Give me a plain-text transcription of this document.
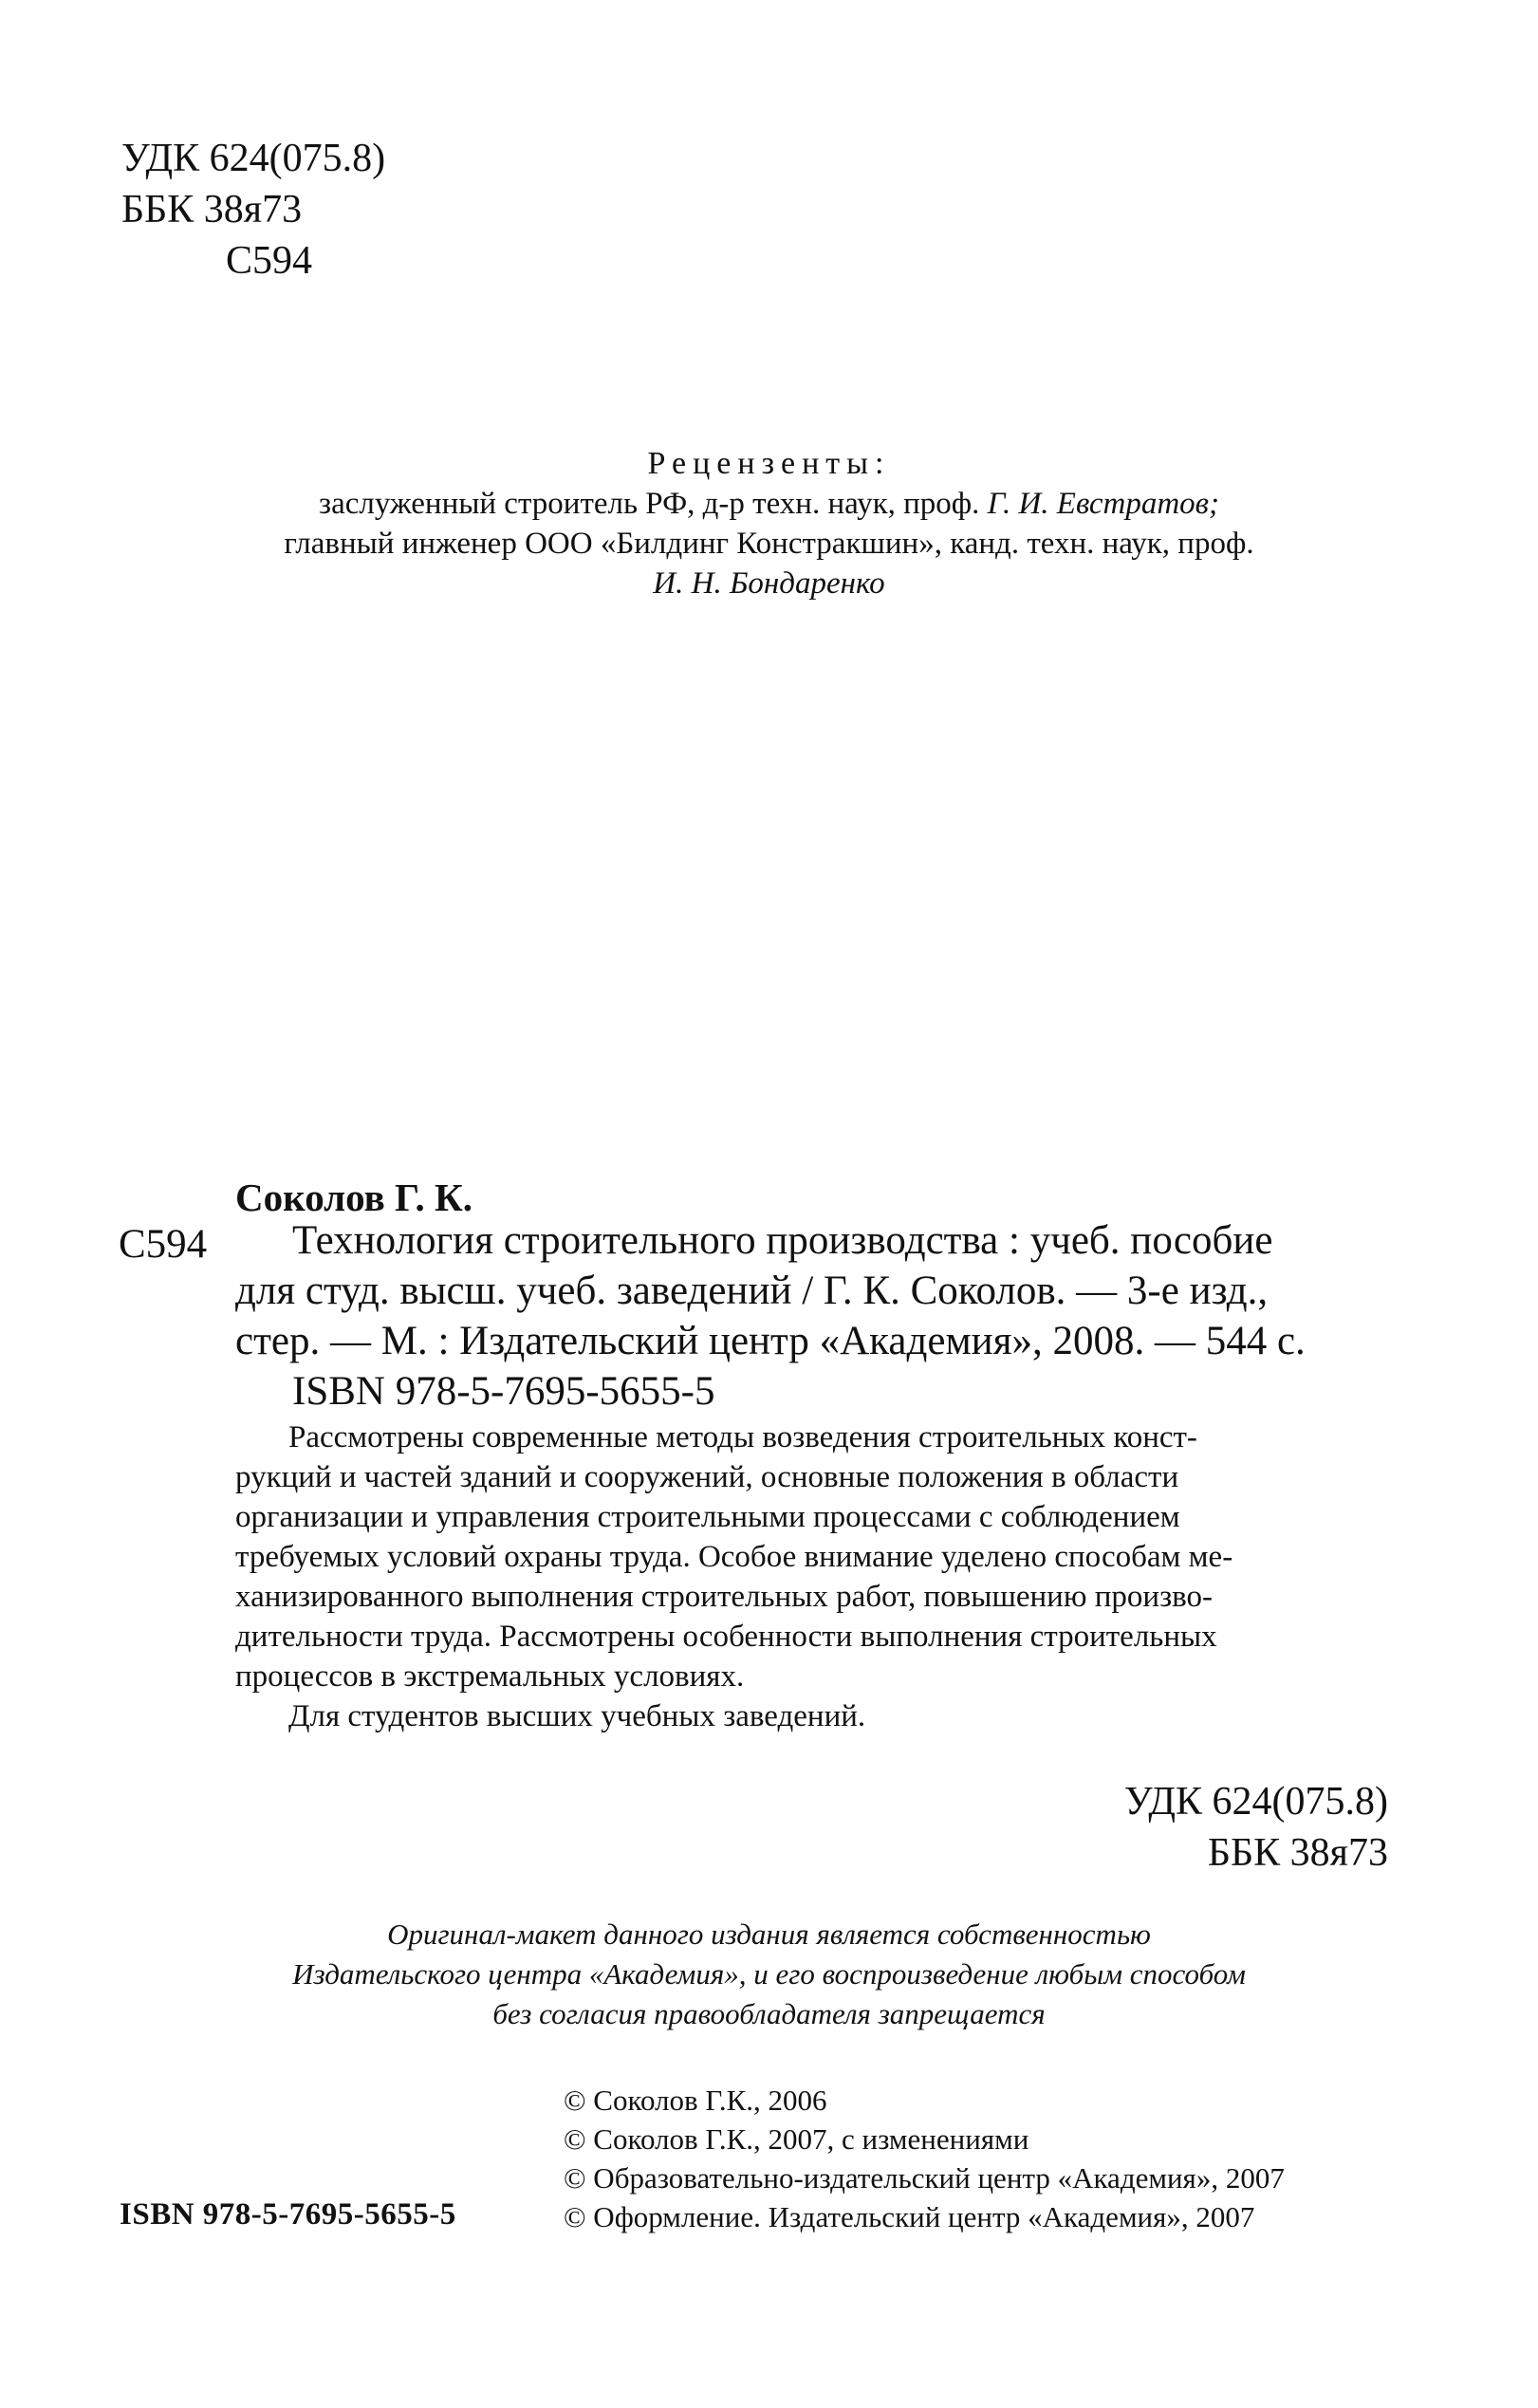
УДК 624(075.8)
ББК 38я73
С594
Рецензенты:
заслуженный строитель РФ, д-р техн. наук, проф. Г. И. Евстратов;
главный инженер ООО «Билдинг Констракшин», канд. техн. наук, проф.
И. Н. Бондаренко
Соколов Г. К.
С594 Технология строительного производства : учеб. пособие
для студ. высш. учеб. заведений / Г. К. Соколов. — 3-е изд.,
стер. — М. : Издательский центр «Академия», 2008. — 544 с.
ISBN 978-5-7695-5655-5
Рассмотрены современные методы возведения строительных конст-
рукций и частей зданий и сооружений, основные положения в области
организации и управления строительными процессами с соблюдением
требуемых условий охраны труда. Особое внимание уделено способам ме-
ханизированного выполнения строительных работ, повышению произво-
дительности труда. Рассмотрены особенности выполнения строительных
процессов в экстремальных условиях.
Для студентов высших учебных заведений.
УДК 624(075.8)
ББК 38я73
Оригинал-макет данного издания является собственностью
Издательского центра «Академия», и его воспроизведение любым способом
без согласия правообладателя запрещается
© Соколов Г.К., 2006
© Соколов Г.К., 2007, с изменениями
© Образовательно-издательский центр «Академия», 2007
© Оформление. Издательский центр «Академия», 2007
ISBN 978-5-7695-5655-5
